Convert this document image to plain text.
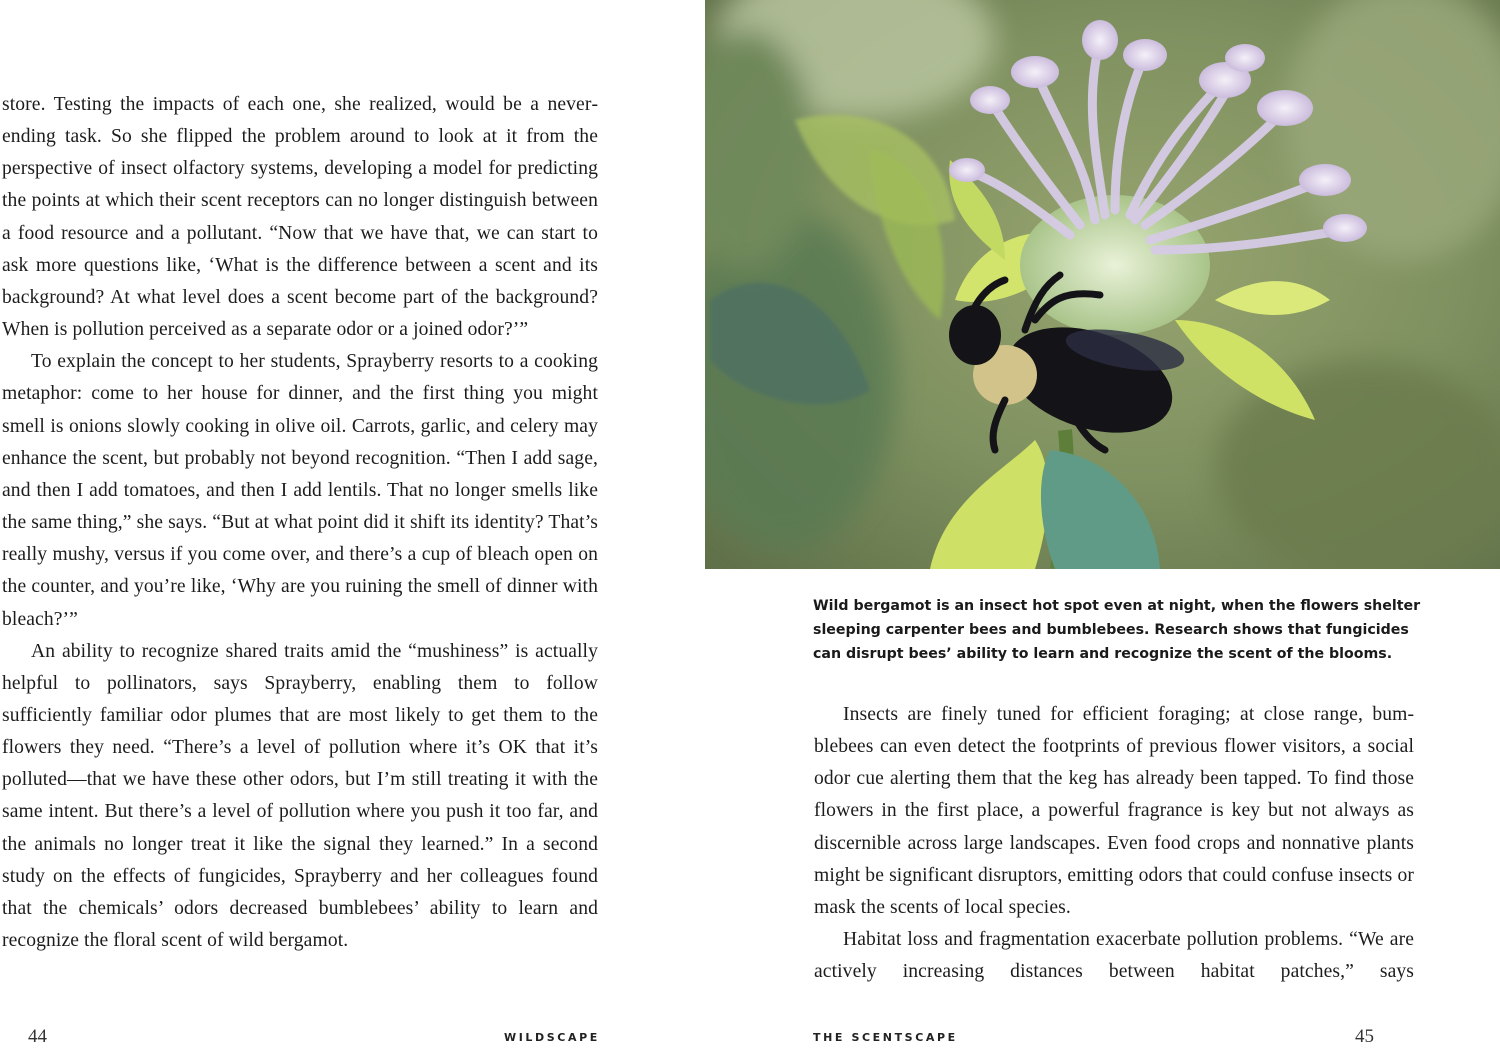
store. Testing the impacts of each one, she realized, would be a neverending task. So she flipped the problem around to look at it from the perspective of insect olfactory systems, developing a model for predicting the points at which their scent receptors can no longer distinguish between a food resource and a pollutant. “Now that we have that, we can start to ask more questions like, ‘What is the difference between a scent and its background? At what level does a scent become part of the background? When is pollution perceived as a separate odor or a joined odor?’”

To explain the concept to her students, Sprayberry resorts to a cooking metaphor: come to her house for dinner, and the first thing you might smell is onions slowly cooking in olive oil. Carrots, garlic, and celery may enhance the scent, but probably not beyond recognition. “Then I add sage, and then I add tomatoes, and then I add lentils. That no longer smells like the same thing,” she says. “But at what point did it shift its identity? That’s really mushy, versus if you come over, and there’s a cup of bleach open on the counter, and you’re like, ‘Why are you ruining the smell of dinner with bleach?’”

An ability to recognize shared traits amid the “mushiness” is actually helpful to pollinators, says Sprayberry, enabling them to follow sufficiently familiar odor plumes that are most likely to get them to the flowers they need. “There’s a level of pollution where it’s OK that it’s polluted—that we have these other odors, but I’m still treating it with the same intent. But there’s a level of pollution where you push it too far, and the animals no longer treat it like the signal they learned.” In a second study on the effects of fungicides, Sprayberry and her colleagues found that the chemicals’ odors decreased bumblebees’ ability to learn and recognize the floral scent of wild bergamot.

44	WILDSCAPE
Wild bergamot is an insect hot spot even at night, when the flowers shelter
sleeping carpenter bees and bumblebees. Research shows that fungicides
can disrupt bees’ ability to learn and recognize the scent of the blooms.

Insects are finely tuned for efficient foraging; at close range, bumblebees can even detect the footprints of previous flower visitors, a social odor cue alerting them that the keg has already been tapped. To find those flowers in the first place, a powerful fragrance is key but not always as discernible across large landscapes. Even food crops and nonnative plants might be significant disruptors, emitting odors that could confuse insects or mask the scents of local species.

Habitat loss and fragmentation exacerbate pollution problems. “We are actively increasing distances between habitat patches,” says

THE SCENTSCAPE	45
